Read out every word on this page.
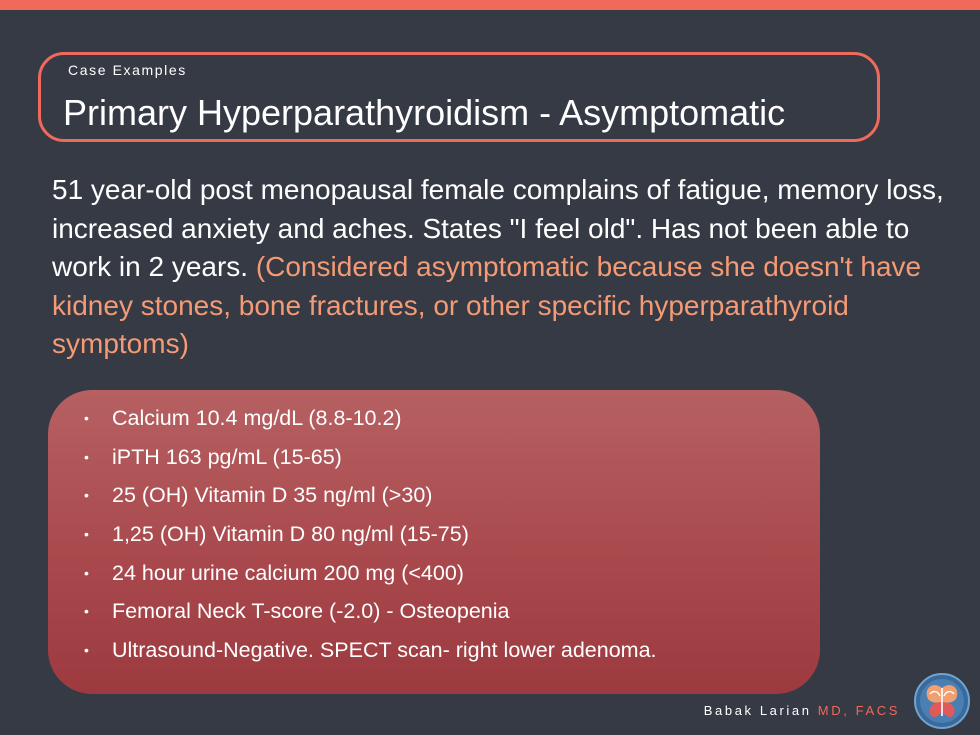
Case Examples
Primary Hyperparathyroidism - Asymptomatic
51 year-old post menopausal female complains of fatigue, memory loss, increased anxiety and aches. States "I feel old". Has not been able to work in 2 years. (Considered asymptomatic because she doesn't have kidney stones, bone fractures, or other specific hyperparathyroid symptoms)
• Calcium 10.4 mg/dL (8.8-10.2)
• iPTH 163 pg/mL (15-65)
• 25 (OH) Vitamin D 35 ng/ml (>30)
• 1,25 (OH) Vitamin D 80 ng/ml (15-75)
• 24 hour urine calcium 200 mg (<400)
• Femoral Neck T-score (-2.0) - Osteopenia
• Ultrasound-Negative. SPECT scan- right lower adenoma.
Babak Larian MD, FACS
